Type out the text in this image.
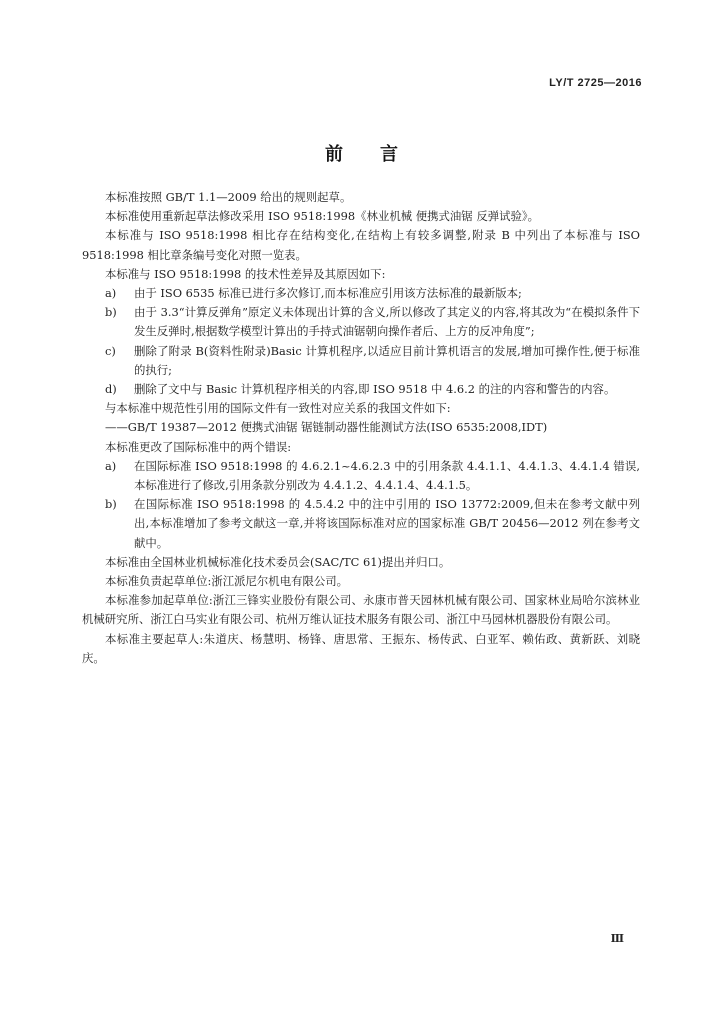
LY/T 2725—2016
前 言

本标准按照 GB/T 1.1—2009 给出的规则起草。

本标准使用重新起草法修改采用 ISO 9518:1998《林业机械 便携式油锯 反弹试验》。

本标准与 ISO 9518:1998 相比存在结构变化,在结构上有较多调整,附录 B 中列出了本标准与 ISO 9518:1998 相比章条编号变化对照一览表。

本标准与 ISO 9518:1998 的技术性差异及其原因如下:

a)	由于 ISO 6535 标准已进行多次修订,而本标准应引用该方法标准的最新版本;
b)	由于 3.3“计算反弹角”原定义未体现出计算的含义,所以修改了其定义的内容,将其改为“在模拟条件下发生反弹时,根据数学模型计算出的手持式油锯朝向操作者后、上方的反冲角度”;
c)	删除了附录 B(资料性附录)Basic 计算机程序,以适应目前计算机语言的发展,增加可操作性,便于标准的执行;
d)	删除了文中与 Basic 计算机程序相关的内容,即 ISO 9518 中 4.6.2 的注的内容和警告的内容。

与本标准中规范性引用的国际文件有一致性对应关系的我国文件如下:

——GB/T 19387—2012 便携式油锯 锯链制动器性能测试方法(ISO 6535:2008,IDT)

本标准更改了国际标准中的两个错误:

a)	在国际标准 ISO 9518:1998 的 4.6.2.1~4.6.2.3 中的引用条款 4.4.1.1、4.4.1.3、4.4.1.4 错误,本标准进行了修改,引用条款分别改为 4.4.1.2、4.4.1.4、4.4.1.5。
b)	在国际标准 ISO 9518:1998 的 4.5.4.2 中的注中引用的 ISO 13772:2009,但未在参考文献中列出,本标准增加了参考文献这一章,并将该国际标准对应的国家标准 GB/T 20456—2012 列在参考文献中。

本标准由全国林业机械标准化技术委员会(SAC/TC 61)提出并归口。

本标准负责起草单位:浙江派尼尔机电有限公司。

本标准参加起草单位:浙江三锋实业股份有限公司、永康市普天园林机械有限公司、国家林业局哈尔滨林业机械研究所、浙江白马实业有限公司、杭州万维认证技术服务有限公司、浙江中马园林机器股份有限公司。

本标准主要起草人:朱道庆、杨慧明、杨锋、唐思常、王振东、杨传武、白亚军、赖佑政、黄新跃、刘晓庆。

Ⅲ
